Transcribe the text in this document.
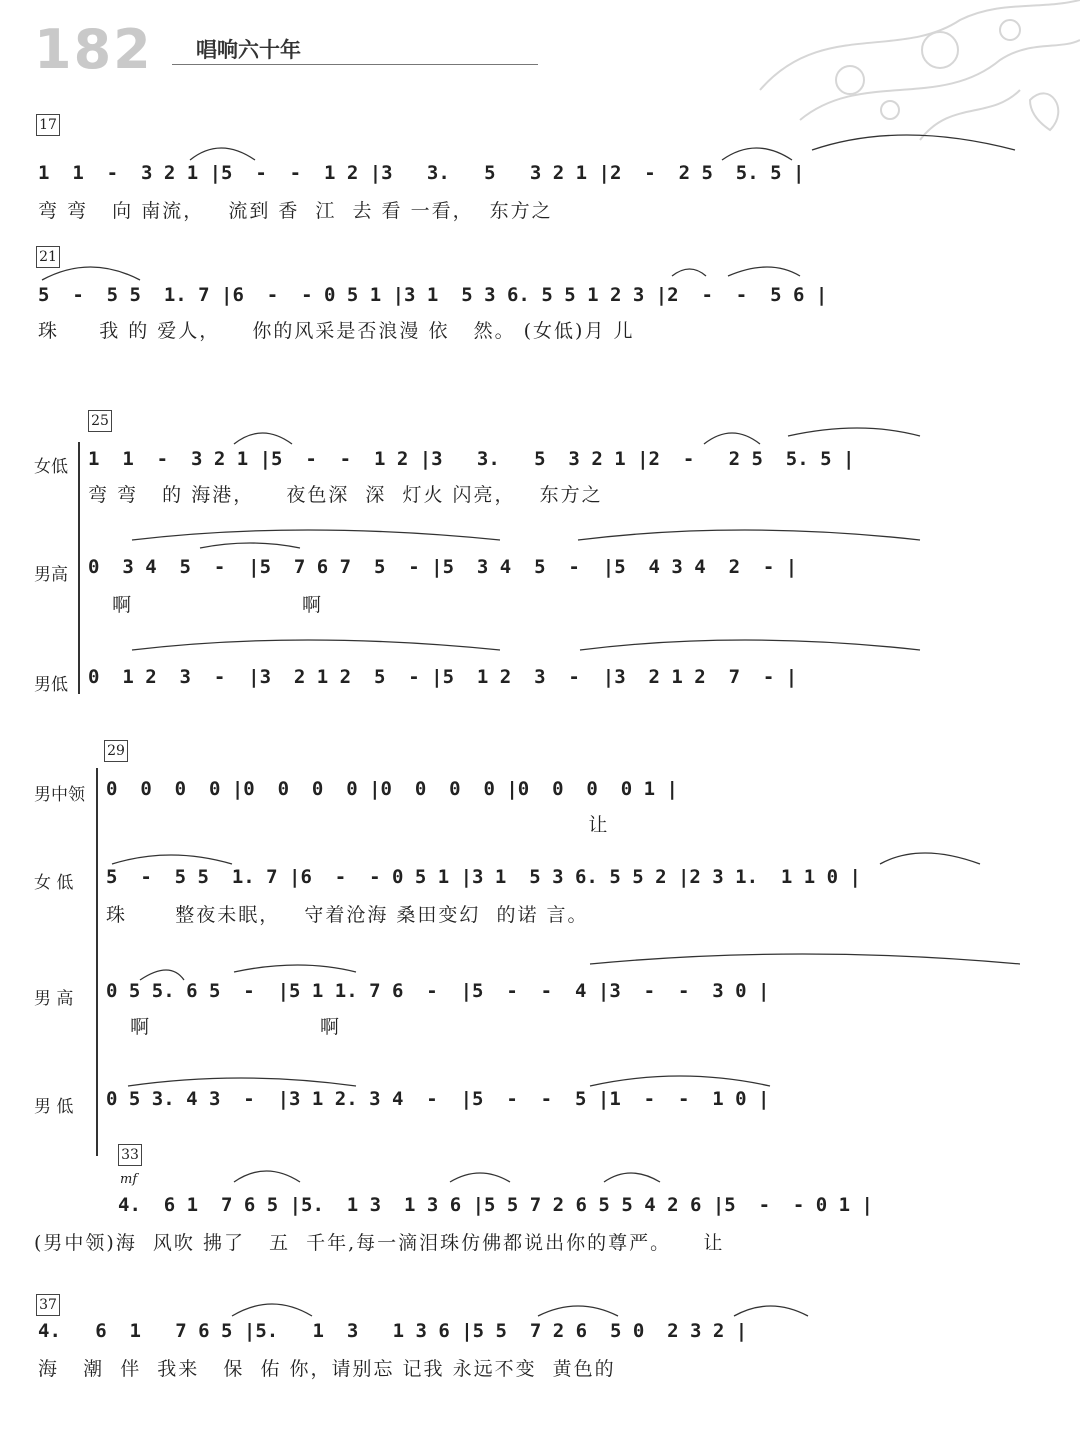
182 唱响六十年
17
1  1  -  3 2 1 |5  -  -  1 2 |3   3.   5   3 2 1 |2  -  2 5  5. 5 |
弯 弯   向 南流，   流到 香  江  去 看 一看，  东方之
21
5  -  5 5  1. 7 |6  -  - 0 5 1 |3 1  5 3 6. 5 5 1 2 3 |2  -  -  5 6 |
珠     我 的 爱人，    你的风采是否浪漫 依   然。 (女低)月 儿
25
女低 1  1  -  3 2 1 |5  -  -  1 2 |3   3.   5  3 2 1 |2  -   2 5  5. 5 |
弯 弯   的 海港，    夜色深  深  灯火 闪亮，   东方之
男高 0  3 4  5  -  |5  7 6 7  5  - |5  3 4  5  -  |5  4 3 4  2  - |
啊                     啊
男低 0  1 2  3  -  |3  2 1 2  5  - |5  1 2  3  -  |3  2 1 2  7  - |
29
男中领 0  0  0  0 |0  0  0  0 |0  0  0  0 |0  0  0  0 1 |
让
女 低 5  -  5 5  1. 7 |6  -  - 0 5 1 |3 1  5 3 6. 5 5 2 |2 3 1.  1 1 0 |
珠      整夜未眠，   守着沧海 桑田变幻  的诺 言。
男 高 0 5 5. 6 5  -  |5 1 1. 7 6  -  |5  -  -  4 |3  -  -  3 0 |
啊                     啊
男 低 0 5 3. 4 3  -  |3 1 2. 3 4  -  |5  -  -  5 |1  -  -  1 0 |
33
mf
4.  6 1  7 6 5 |5.  1 3  1 3 6 |5 5 7 2 6 5 5 4 2 6 |5  -  - 0 1 |
(男中领)海  风吹 拂了   五  千年,每一滴泪珠仿佛都说出你的尊严。    让
37
4.   6  1   7 6 5 |5.   1  3   1 3 6 |5 5  7 2 6  5 0  2 3 2 |
海   潮  伴  我来   保  佑 你，请别忘 记我 永远不变  黄色的
